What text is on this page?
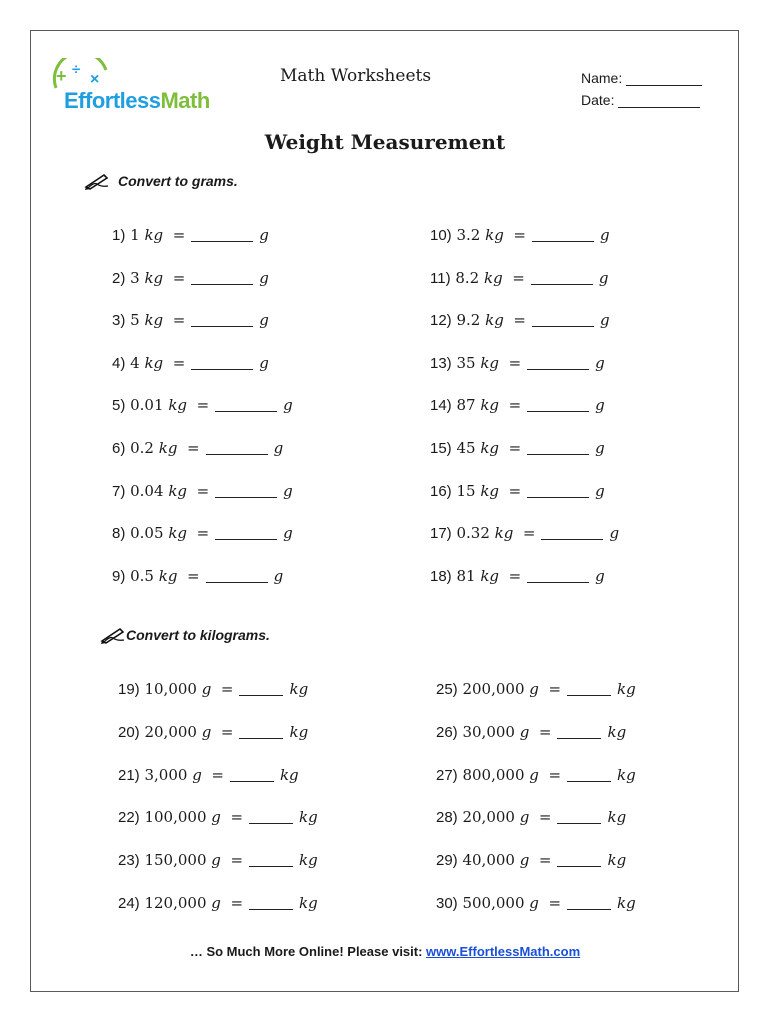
+ ÷
×
EffortlessMath
Math Worksheets	Name:
Date:
Weight Measurement
Convert to grams.
1) 1 kg =	g
2) 3 kg =	g
3) 5 kg =	g
4) 4 kg =	g
5) 0.01 kg =	g
6) 0.2 kg =	g
7) 0.04 kg =	g
8) 0.05 kg =	g
9) 0.5 kg =	g
10) 3.2 kg =	g
11) 8.2 kg =	g
12) 9.2 kg =	g
13) 35 kg =	g
14) 87 kg =	g
15) 45 kg =	g
16) 15 kg =	g
17) 0.32 kg =	g
18) 81 kg =	g
Convert to kilograms.
19) 10,000 g =	kg
20) 20,000 g =	kg
21) 3,000 g =	kg
22) 100,000 g =	kg
23) 150,000 g =	kg
24) 120,000 g =	kg
25) 200,000 g =	kg
26) 30,000 g =	kg
27) 800,000 g =	kg
28) 20,000 g =	kg
29) 40,000 g =	kg
30) 500,000 g =	kg
… So Much More Online! Please visit: www.EffortlessMath.com
